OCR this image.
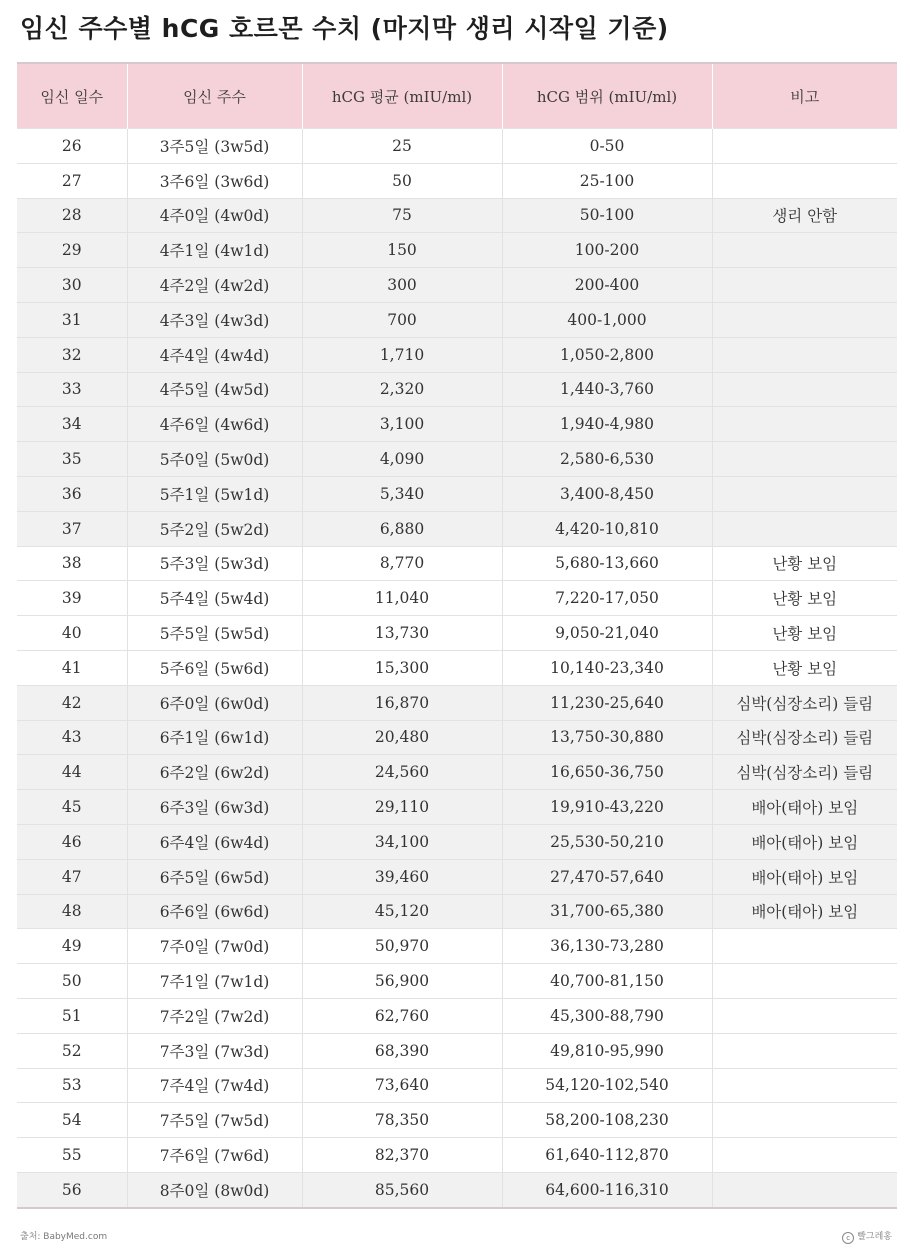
임신 주수별 hCG 호르몬 수치 (마지막 생리 시작일 기준)
임신 일수	임신 주수	hCG 평균 (mIU/ml)	hCG 범위 (mIU/ml)	비고
26	3주5일 (3w5d)	25	0-50	
27	3주6일 (3w6d)	50	25-100	
28	4주0일 (4w0d)	75	50-100	생리 안함
29	4주1일 (4w1d)	150	100-200	
30	4주2일 (4w2d)	300	200-400	
31	4주3일 (4w3d)	700	400-1,000	
32	4주4일 (4w4d)	1,710	1,050-2,800	
33	4주5일 (4w5d)	2,320	1,440-3,760	
34	4주6일 (4w6d)	3,100	1,940-4,980	
35	5주0일 (5w0d)	4,090	2,580-6,530	
36	5주1일 (5w1d)	5,340	3,400-8,450	
37	5주2일 (5w2d)	6,880	4,420-10,810	
38	5주3일 (5w3d)	8,770	5,680-13,660	난황 보임
39	5주4일 (5w4d)	11,040	7,220-17,050	난황 보임
40	5주5일 (5w5d)	13,730	9,050-21,040	난황 보임
41	5주6일 (5w6d)	15,300	10,140-23,340	난황 보임
42	6주0일 (6w0d)	16,870	11,230-25,640	심박(심장소리) 들림
43	6주1일 (6w1d)	20,480	13,750-30,880	심박(심장소리) 들림
44	6주2일 (6w2d)	24,560	16,650-36,750	심박(심장소리) 들림
45	6주3일 (6w3d)	29,110	19,910-43,220	배아(태아) 보임
46	6주4일 (6w4d)	34,100	25,530-50,210	배아(태아) 보임
47	6주5일 (6w5d)	39,460	27,470-57,640	배아(태아) 보임
48	6주6일 (6w6d)	45,120	31,700-65,380	배아(태아) 보임
49	7주0일 (7w0d)	50,970	36,130-73,280	
50	7주1일 (7w1d)	56,900	40,700-81,150	
51	7주2일 (7w2d)	62,760	45,300-88,790	
52	7주3일 (7w3d)	68,390	49,810-95,990	
53	7주4일 (7w4d)	73,640	54,120-102,540	
54	7주5일 (7w5d)	78,350	58,200-108,230	
55	7주6일 (7w6d)	82,370	61,640-112,870	
56	8주0일 (8w0d)	85,560	64,600-116,310	
출처: BabyMed.com	c 빨그레홍
